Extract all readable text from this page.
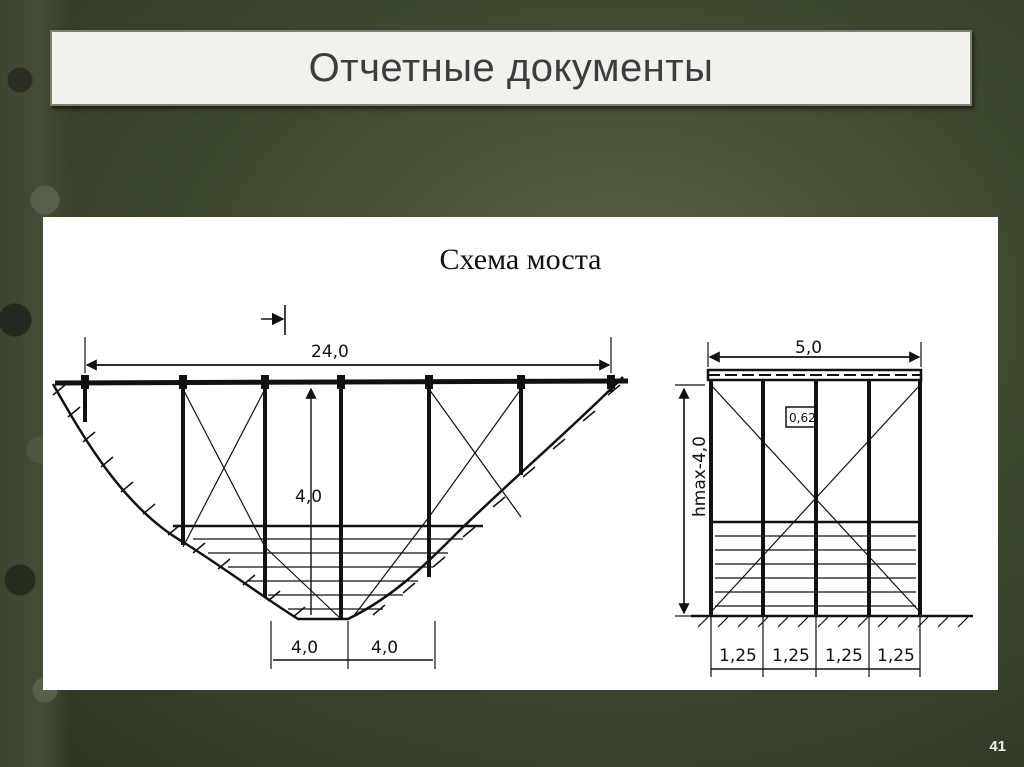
Отчетные документы
Схема моста
24,0
4,0
4,0	4,0
5,0
0,62
hmax-4,0
1,25 1,25 1,25 1,25
41
